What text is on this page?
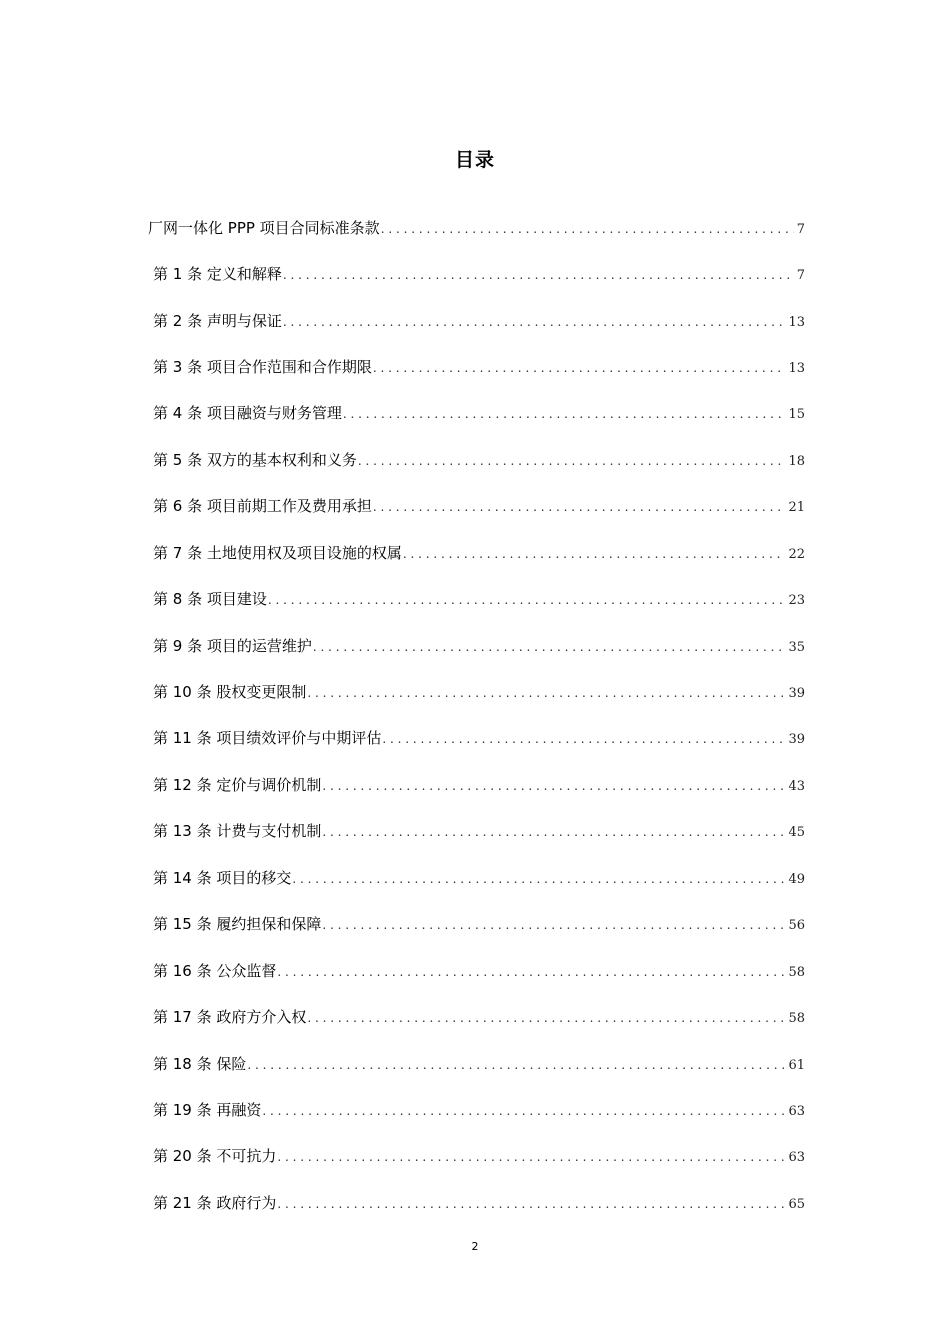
目录
厂网一体化 PPP 项目合同标准条款 . . .	7
第 1 条 定义和解释 . . .	7
第 2 条 声明与保证 . . .	13
第 3 条 项目合作范围和合作期限 . . .	13
第 4 条 项目融资与财务管理 . . .	15
第 5 条 双方的基本权利和义务 . . .	18
第 6 条 项目前期工作及费用承担 . . .	21
第 7 条 土地使用权及项目设施的权属 . . .	22
第 8 条 项目建设 . . .	23
第 9 条 项目的运营维护 . . .	35
第 10 条 股权变更限制 . . .	39
第 11 条 项目绩效评价与中期评估 . . .	39
第 12 条 定价与调价机制 . . .	43
第 13 条 计费与支付机制 . . .	45
第 14 条 项目的移交 . . .	49
第 15 条 履约担保和保障 . . .	56
第 16 条 公众监督 . . .	58
第 17 条 政府方介入权 . . .	58
第 18 条 保险 . . .	61
第 19 条 再融资 . . .	63
第 20 条 不可抗力 . . .	63
第 21 条 政府行为 . . .	65
2
